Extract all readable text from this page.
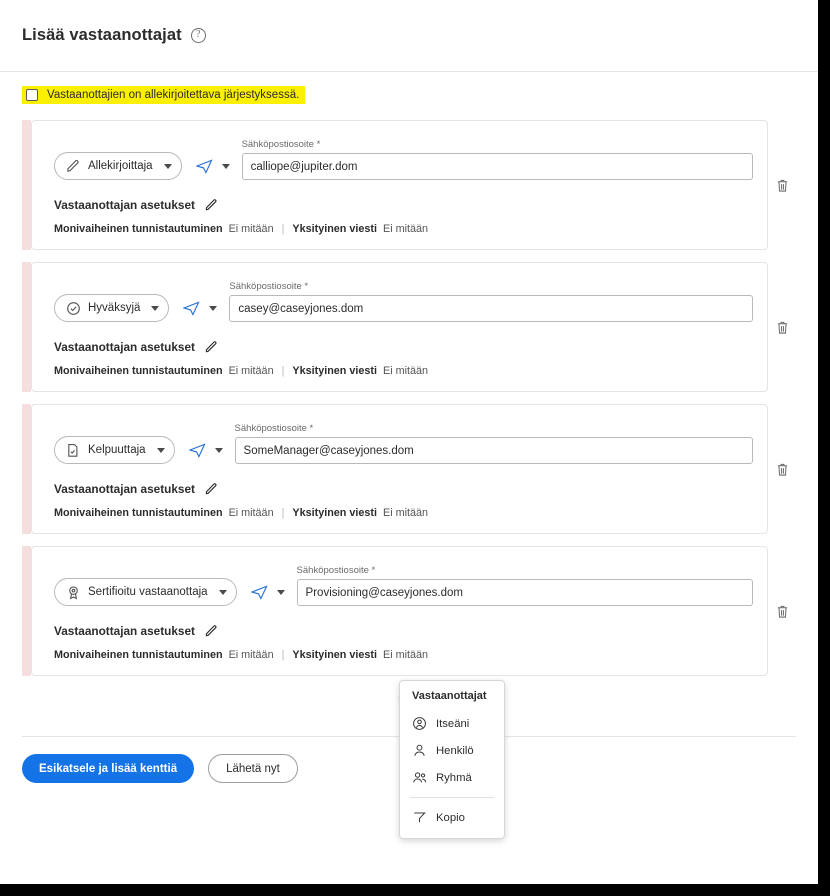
Lisää vastaanottajat	?
Vastaanottajien on allekirjoitettava järjestyksessä.
Allekirjoittaja
Sähköpostiosoite *
calliope@jupiter.dom
Vastaanottajan asetukset
Monivaiheinen tunnistautuminen Ei mitään | Yksityinen viesti Ei mitään
Hyväksyjä
Sähköpostiosoite *
casey@caseyjones.dom
Vastaanottajan asetukset
Monivaiheinen tunnistautuminen Ei mitään | Yksityinen viesti Ei mitään
Kelpuuttaja
Sähköpostiosoite *
SomeManager@caseyjones.dom
Vastaanottajan asetukset
Monivaiheinen tunnistautuminen Ei mitään | Yksityinen viesti Ei mitään
Sertifioitu vastaanottaja
Sähköpostiosoite *
Provisioning@caseyjones.dom
Vastaanottajan asetukset
Monivaiheinen tunnistautuminen Ei mitään | Yksityinen viesti Ei mitään
Vastaanottajat
Itseäni
Henkilö
Ryhmä
Kopio
Esikatsele ja lisää kenttiä	Lähetä nyt
